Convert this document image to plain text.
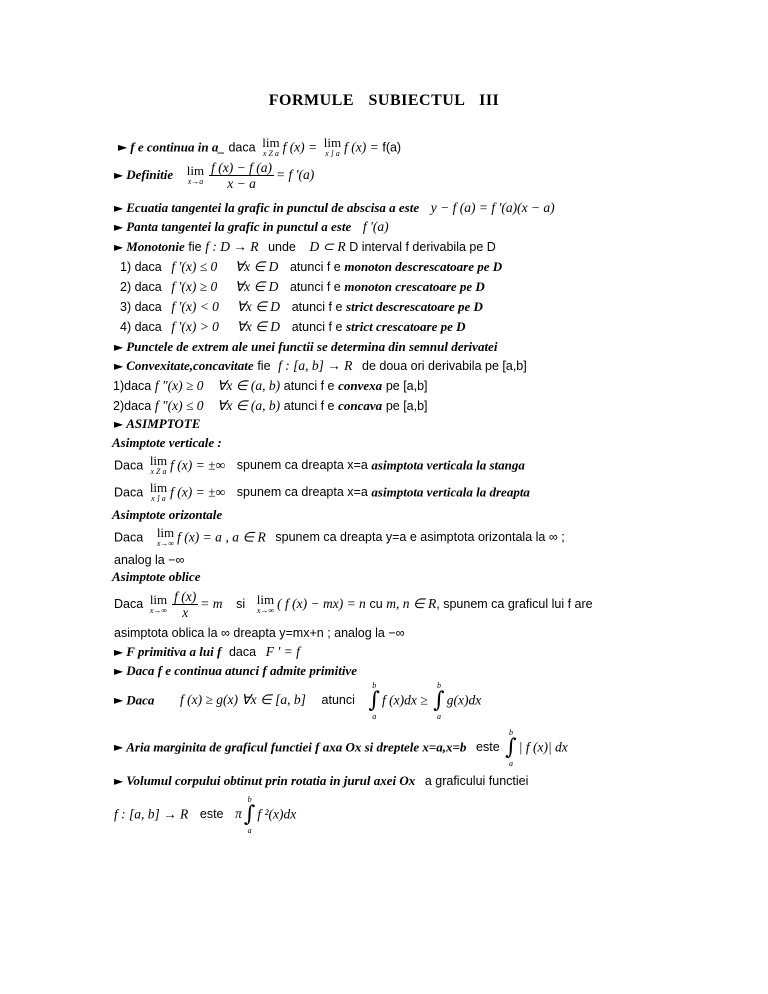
FORMULE SUBIECTUL III
► f e continua in a_ daca lim
x Z a f (x) = lim
x ] a f (x) = f(a)
► Definitie lim
$x\to a \frac{f (x) - f (a)}{x - a} = f$ '(a)
► Ecuatia tangentei la grafic in punctul de abscisa a este y − f (a) = f '(a)(x − a)
► Panta tangentei la grafic in punctul a este f '(a)
► Monotonie fie f : D → R unde D ⊂ R D interval f derivabila pe D
1) daca f '(x) ≤ 0 ∀x ∈ D atunci f e monoton descrescatoare pe D
2) daca f '(x) ≥ 0 ∀x ∈ D atunci f e monoton crescatoare pe D
3) daca f '(x) < 0 ∀x ∈ D atunci f e strict descrescatoare pe D
4) daca f '(x) > 0 ∀x ∈ D atunci f e strict crescatoare pe D
► Punctele de extrem ale unei functii se determina din semnul derivatei
► Convexitate,concavitate fie f : [a, b] → R de doua ori derivabila pe [a,b]
1)daca f "(x) ≥ 0 ∀x ∈ (a, b) atunci f e convexa pe [a,b]
2)daca f "(x) ≤ 0 ∀x ∈ (a, b) atunci f e concava pe [a,b]
► ASIMPTOTE
Asimptote verticale :
Daca lim
x Z a f (x) = ±∞ spunem ca dreapta x=a asimptota verticala la stanga
Daca lim
x ] a f (x) = ±∞ spunem ca dreapta x=a asimptota verticala la dreapta
Asimptote orizontale
Daca lim
x→∞ f (x) = a , a ∈ R spunem ca dreapta y=a e asimptota orizontala la ∞ ;
analog la −∞
Asimptote oblice
Daca lim
$x\to\infty \frac{f (x)}{x} = m$ si lim
x→∞ ( f (x) − mx) = n cu m, n ∈ R, spunem ca graficul lui f are
asimptota oblica la ∞ dreapta y=mx+n ; analog la −∞
► F primitiva a lui f daca F ' = f
► Daca f e continua atunci f admite primitive
► Daca f (x) ≥ g(x) ∀x ∈ [a, b] atunci
b
∫
a
f (x)dx ≥
b
∫
a
g(x)dx
► Aria marginita de graficul functiei f axa Ox si dreptele x=a,x=b este
b
∫
a
| f (x)| dx
► Volumul corpului obtinut prin rotatia in jurul axei Ox a graficului functiei
f : [a, b] → R este π
b
∫
a
f ²(x)dx
